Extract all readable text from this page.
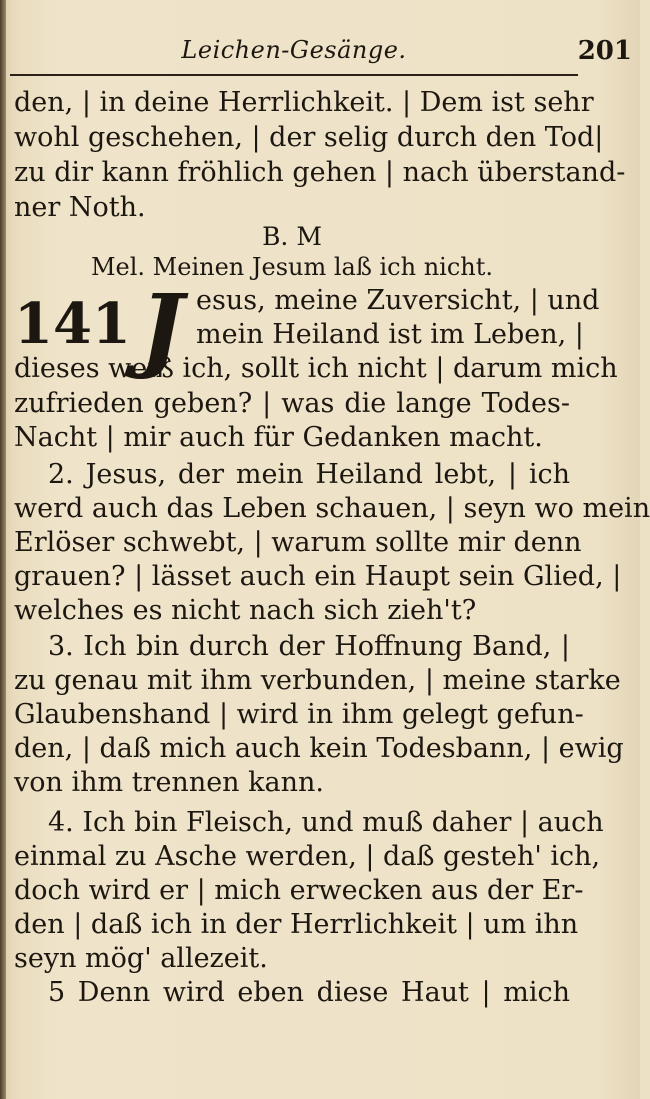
Leichen-Gesänge.	201
den, | in deine Herrlichkeit. | Dem ist sehr
wohl geschehen, | der selig durch den Tod|
zu dir kann fröhlich gehen | nach überstand-
ner Noth.
B. M
Mel. Meinen Jesum laß ich nicht.
141 J esus, meine Zuversicht, | und
mein Heiland ist im Leben, |
dieses weiß ich, sollt ich nicht | darum mich
zufrieden geben? | was die lange Todes-
Nacht | mir auch für Gedanken macht.
2. Jesus, der mein Heiland lebt, | ich
werd auch das Leben schauen, | seyn wo mein
Erlöser schwebt, | warum sollte mir denn
grauen? | lässet auch ein Haupt sein Glied, |
welches es nicht nach sich zieh't?
3. Ich bin durch der Hoffnung Band, |
zu genau mit ihm verbunden, | meine starke
Glaubenshand | wird in ihm gelegt gefun-
den, | daß mich auch kein Todesbann, | ewig
von ihm trennen kann.
4. Ich bin Fleisch, und muß daher | auch
einmal zu Asche werden, | daß gesteh' ich,
doch wird er | mich erwecken aus der Er-
den | daß ich in der Herrlichkeit | um ihn
seyn mög' allezeit.
5 Denn wird eben diese Haut | mich
